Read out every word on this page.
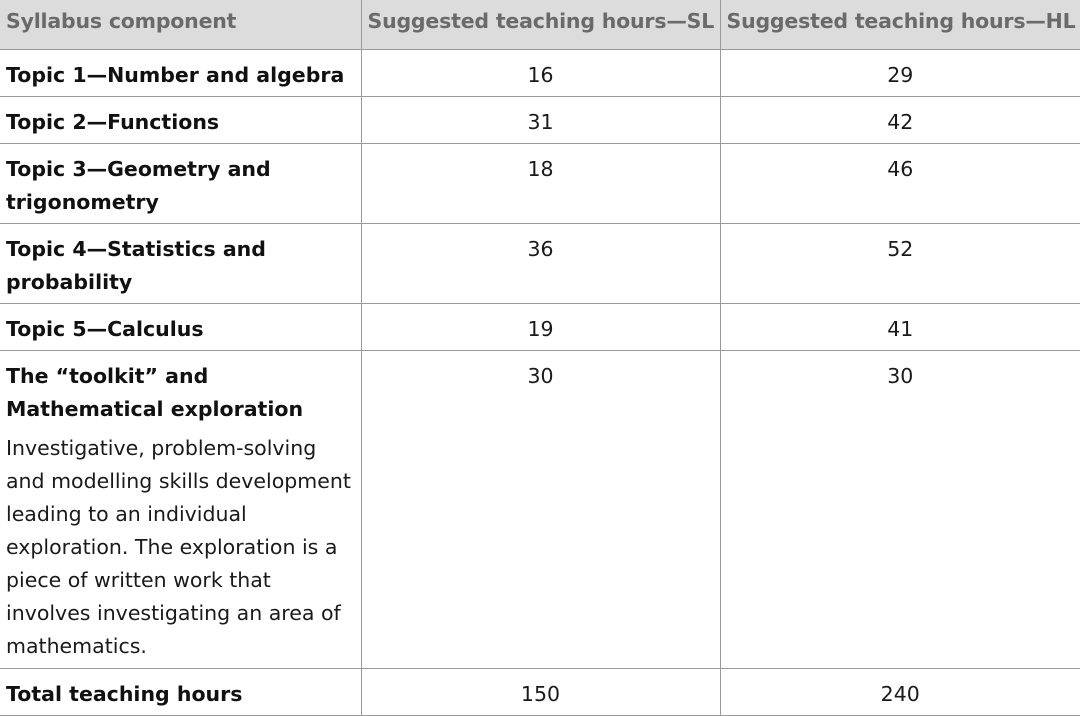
Syllabus component	Suggested teaching hours—SL	Suggested teaching hours—HL

Topic 1—Number and algebra	16	29

Topic 2—Functions	31	42

Topic 3—Geometry and trigonometry	18	46

Topic 4—Statistics and probability	36	52

Topic 5—Calculus	19	41

The “toolkit” and Mathematical exploration
Investigative, problem-solving and modelling skills development leading to an individual exploration. The exploration is a piece of written work that involves investigating an area of mathematics.	30	30

Total teaching hours	150	240
